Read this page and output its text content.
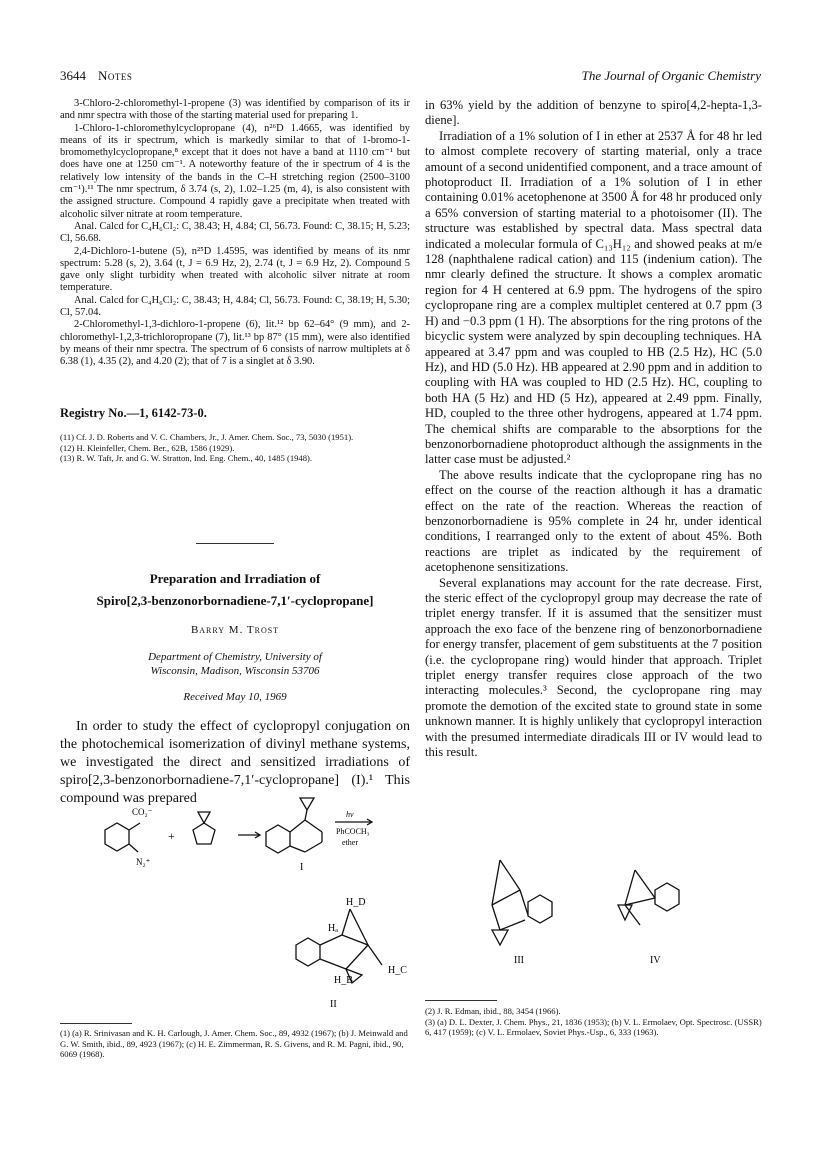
3644 Notes	The Journal of Organic Chemistry

3-Chloro-2-chloromethyl-1-propene (3) was identified by comparison of its ir and nmr spectra with those of the starting material used for preparing 1.

1-Chloro-1-chloromethylcyclopropane (4), n²⁶D 1.4665, was identified by means of its ir spectrum, which is markedly similar to that of 1-bromo-1-bromomethylcyclopropane,⁸ except that it does not have a band at 1110 cm⁻¹ but does have one at 1250 cm⁻¹. A noteworthy feature of the ir spectrum of 4 is the relatively low intensity of the bands in the C–H stretching region (2500–3100 cm⁻¹).¹¹ The nmr spectrum, δ 3.74 (s, 2), 1.02–1.25 (m, 4), is also consistent with the assigned structure. Compound 4 rapidly gave a precipitate when treated with alcoholic silver nitrate at room temperature.

Anal. Calcd for C₄H₆Cl₂: C, 38.43; H, 4.84; Cl, 56.73. Found: C, 38.15; H, 5.23; Cl, 56.68.

2,4-Dichloro-1-butene (5), n²⁵D 1.4595, was identified by means of its nmr spectrum: 5.28 (s, 2), 3.64 (t, J = 6.9 Hz, 2), 2.74 (t, J = 6.9 Hz, 2). Compound 5 gave only slight turbidity when treated with alcoholic silver nitrate at room temperature.

Anal. Calcd for C₄H₆Cl₂: C, 38.43; H, 4.84; Cl, 56.73. Found: C, 38.19; H, 5.30; Cl, 57.04.

2-Chloromethyl-1,3-dichloro-1-propene (6), lit.¹² bp 62–64° (9 mm), and 2-chloromethyl-1,2,3-trichloropropane (7), lit.¹³ bp 87° (15 mm), were also identified by means of their nmr spectra. The spectrum of 6 consists of narrow multiplets at δ 6.38 (1), 4.35 (2), and 4.20 (2); that of 7 is a singlet at δ 3.90.

Registry No.—1, 6142-73-0.

(11) Cf. J. D. Roberts and V. C. Chambers, Jr., J. Amer. Chem. Soc., 73, 5030 (1951).

(12) H. Kleinfeller, Chem. Ber., 62B, 1586 (1929).

(13) R. W. Taft, Jr. and G. W. Stratton, Ind. Eng. Chem., 40, 1485 (1948).

Preparation and Irradiation of
Spiro[2,3-benzonorbornadiene-7,1′-cyclopropane]
Barry M. Trost
Department of Chemistry, University of
Wisconsin, Madison, Wisconsin 53706
Received May 10, 1969
In order to study the effect of cyclopropyl conjugation on the photochemical isomerization of divinyl methane systems, we investigated the direct and sensitized irradiations of spiro[2,3-benzonorbornadiene-7,1′-cyclopropane] (I).¹ This compound was prepared
CO₂⁻
N₂⁺
+
I
hν
PhCOCH₃
ether
H_D
Hₐ
H_B
H_C
II

in 63% yield by the addition of benzyne to spiro[4,2-hepta-1,3-diene].

Irradiation of a 1% solution of I in ether at 2537 Å for 48 hr led to almost complete recovery of starting material, only a trace amount of a second unidentified component, and a trace amount of photoproduct II. Irradiation of a 1% solution of I in ether containing 0.01% acetophenone at 3500 Å for 48 hr produced only a 65% conversion of starting material to a photoisomer (II). The structure was established by spectral data. Mass spectral data indicated a molecular formula of C₁₃H₁₂ and showed peaks at m/e 128 (naphthalene radical cation) and 115 (indenium cation). The nmr clearly defined the structure. It shows a complex aromatic region for 4 H centered at 6.9 ppm. The hydrogens of the spiro cyclopropane ring are a complex multiplet centered at 0.7 ppm (3 H) and −0.3 ppm (1 H). The absorptions for the ring protons of the bicyclic system were analyzed by spin decoupling techniques. HA appeared at 3.47 ppm and was coupled to HB (2.5 Hz), HC (5.0 Hz), and HD (5.0 Hz). HB appeared at 2.90 ppm and in addition to coupling with HA was coupled to HD (2.5 Hz). HC, coupling to both HA (5 Hz) and HD (5 Hz), appeared at 2.49 ppm. Finally, HD, coupled to the three other hydrogens, appeared at 1.74 ppm. The chemical shifts are comparable to the absorptions for the benzonorbornadiene photoproduct although the assignments in the latter case must be adjusted.²

The above results indicate that the cyclopropane ring has no effect on the course of the reaction although it has a dramatic effect on the rate of the reaction. Whereas the reaction of benzonorbornadiene is 95% complete in 24 hr, under identical conditions, I rearranged only to the extent of about 45%. Both reactions are triplet as indicated by the requirement of acetophenone sensitizations.

Several explanations may account for the rate decrease. First, the steric effect of the cyclopropyl group may decrease the rate of triplet energy transfer. If it is assumed that the sensitizer must approach the exo face of the benzene ring of benzonorbornadiene for energy transfer, placement of gem substituents at the 7 position (i.e. the cyclopropane ring) would hinder that approach. Triplet triplet energy transfer requires close approach of the two interacting molecules.³ Second, the cyclopropane ring may promote the demotion of the excited state to ground state in some unknown manner. It is highly unlikely that cyclopropyl interaction with the presumed intermediate diradicals III or IV would lead to this result.

III	IV

(1) (a) R. Srinivasan and K. H. Carlough, J. Amer. Chem. Soc., 89, 4932 (1967); (b) J. Meinwald and G. W. Smith, ibid., 89, 4923 (1967); (c) H. E. Zimmerman, R. S. Givens, and R. M. Pagni, ibid., 90, 6069 (1968).

(2) J. R. Edman, ibid., 88, 3454 (1966).

(3) (a) D. L. Dexter, J. Chem. Phys., 21, 1836 (1953); (b) V. L. Ermolaev, Opt. Spectrosc. (USSR) 6, 417 (1959); (c) V. L. Ermolaev, Soviet Phys.-Usp., 6, 333 (1963).
